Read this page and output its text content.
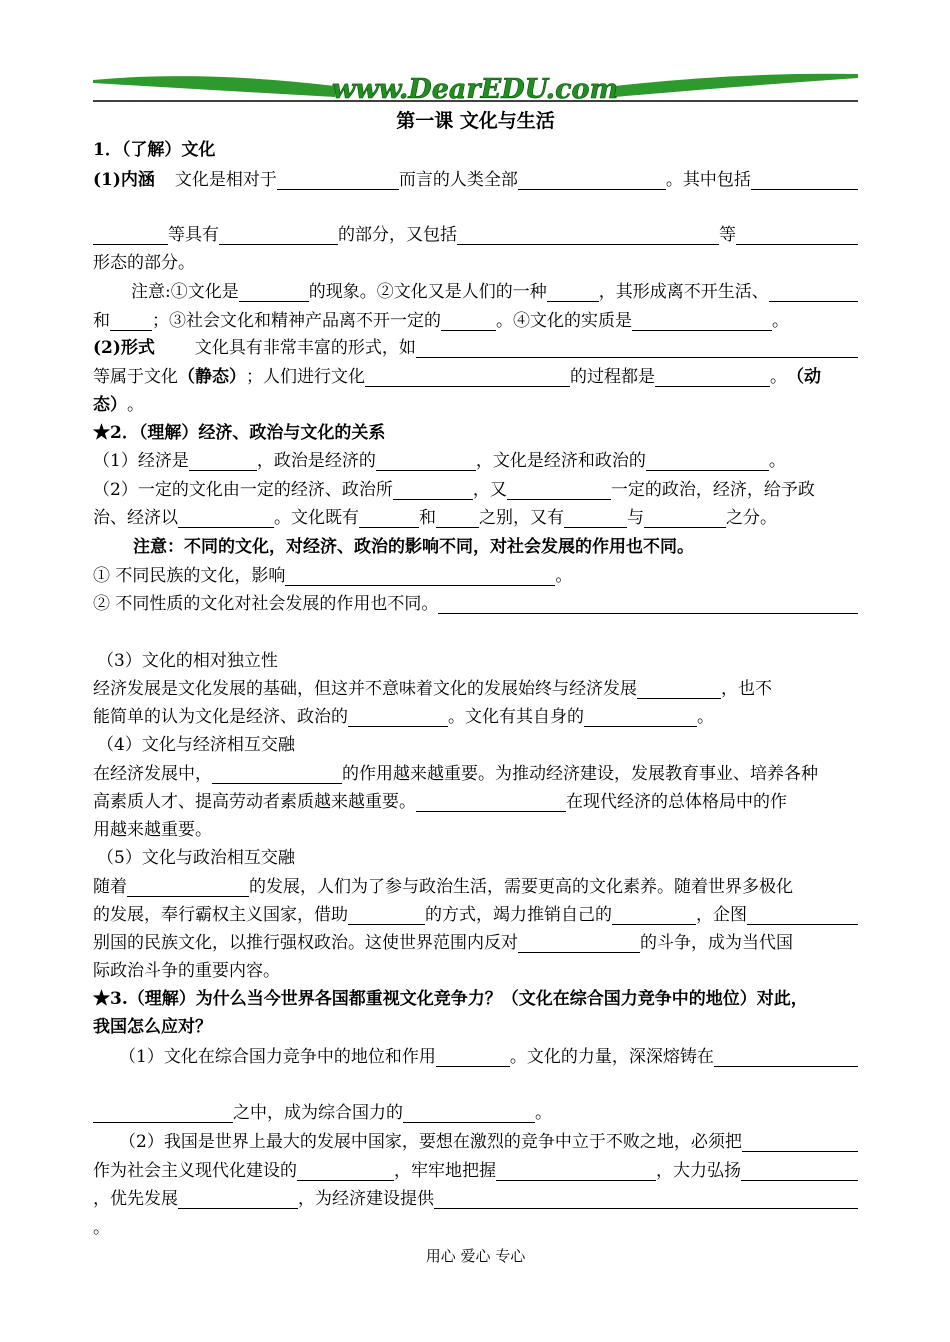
www.DearEDU.com
第一课 文化与生活
1．（了解）文化
(1)内涵 文化是相对于	而言的人类全部	。其中包括
等具有	的部分，又包括	等
形态的部分。
注意:①文化是	的现象。②文化又是人们的一种	，其形成离不开生活、
和 ；③社会文化和精神产品离不开一定的	。④文化的实质是	。
(2)形式 文化具有非常丰富的形式，如
等属于文化 （静态） ；人们进行文化	的过程都是	。 （动
态） 。
★2．（理解）经济、政治与文化的关系
（1）经济是	，政治是经济的	，文化是经济和政治的	。
（2）一定的文化由一定的经济、政治所	，又	一定的政治，经济，给予政
治、经济以	。文化既有	和	之别，又有	与	之分。
注意：不同的文化，对经济、政治的影响不同，对社会发展的作用也不同。
① 不同民族的文化，影响	。
② 不同性质的文化对社会发展的作用也不同。
（3）文化的相对独立性
经济发展是文化发展的基础，但这并不意味着文化的发展始终与经济发展	，也不
能简单的认为文化是经济、政治的	。文化有其自身的	。
（4）文化与经济相互交融
在经济发展中，	的作用越来越重要。为推动经济建设，发展教育事业、培养各种
高素质人才、提高劳动者素质越来越重要。	在现代经济的总体格局中的作
用越来越重要。
（5）文化与政治相互交融
随着	的发展，人们为了参与政治生活，需要更高的文化素养。随着世界多极化
的发展，奉行霸权主义国家，借助	的方式，竭力推销自己的	，企图
别国的民族文化，以推行强权政治。这使世界范围内反对	的斗争，成为当代国
际政治斗争的重要内容。
★3.（理解）为什么当今世界各国都重视文化竞争力？（文化在综合国力竞争中的地位）对此，
我国怎么应对？
（1）文化在综合国力竞争中的地位和作用	。文化的力量，深深熔铸在
之中，成为综合国力的	。
（2）我国是世界上最大的发展中国家，要想在激烈的竞争中立于不败之地，必须把
作为社会主义现代化建设的	，牢牢地把握	，大力弘扬
，优先发展	，为经济建设提供
。
用心 爱心 专心
